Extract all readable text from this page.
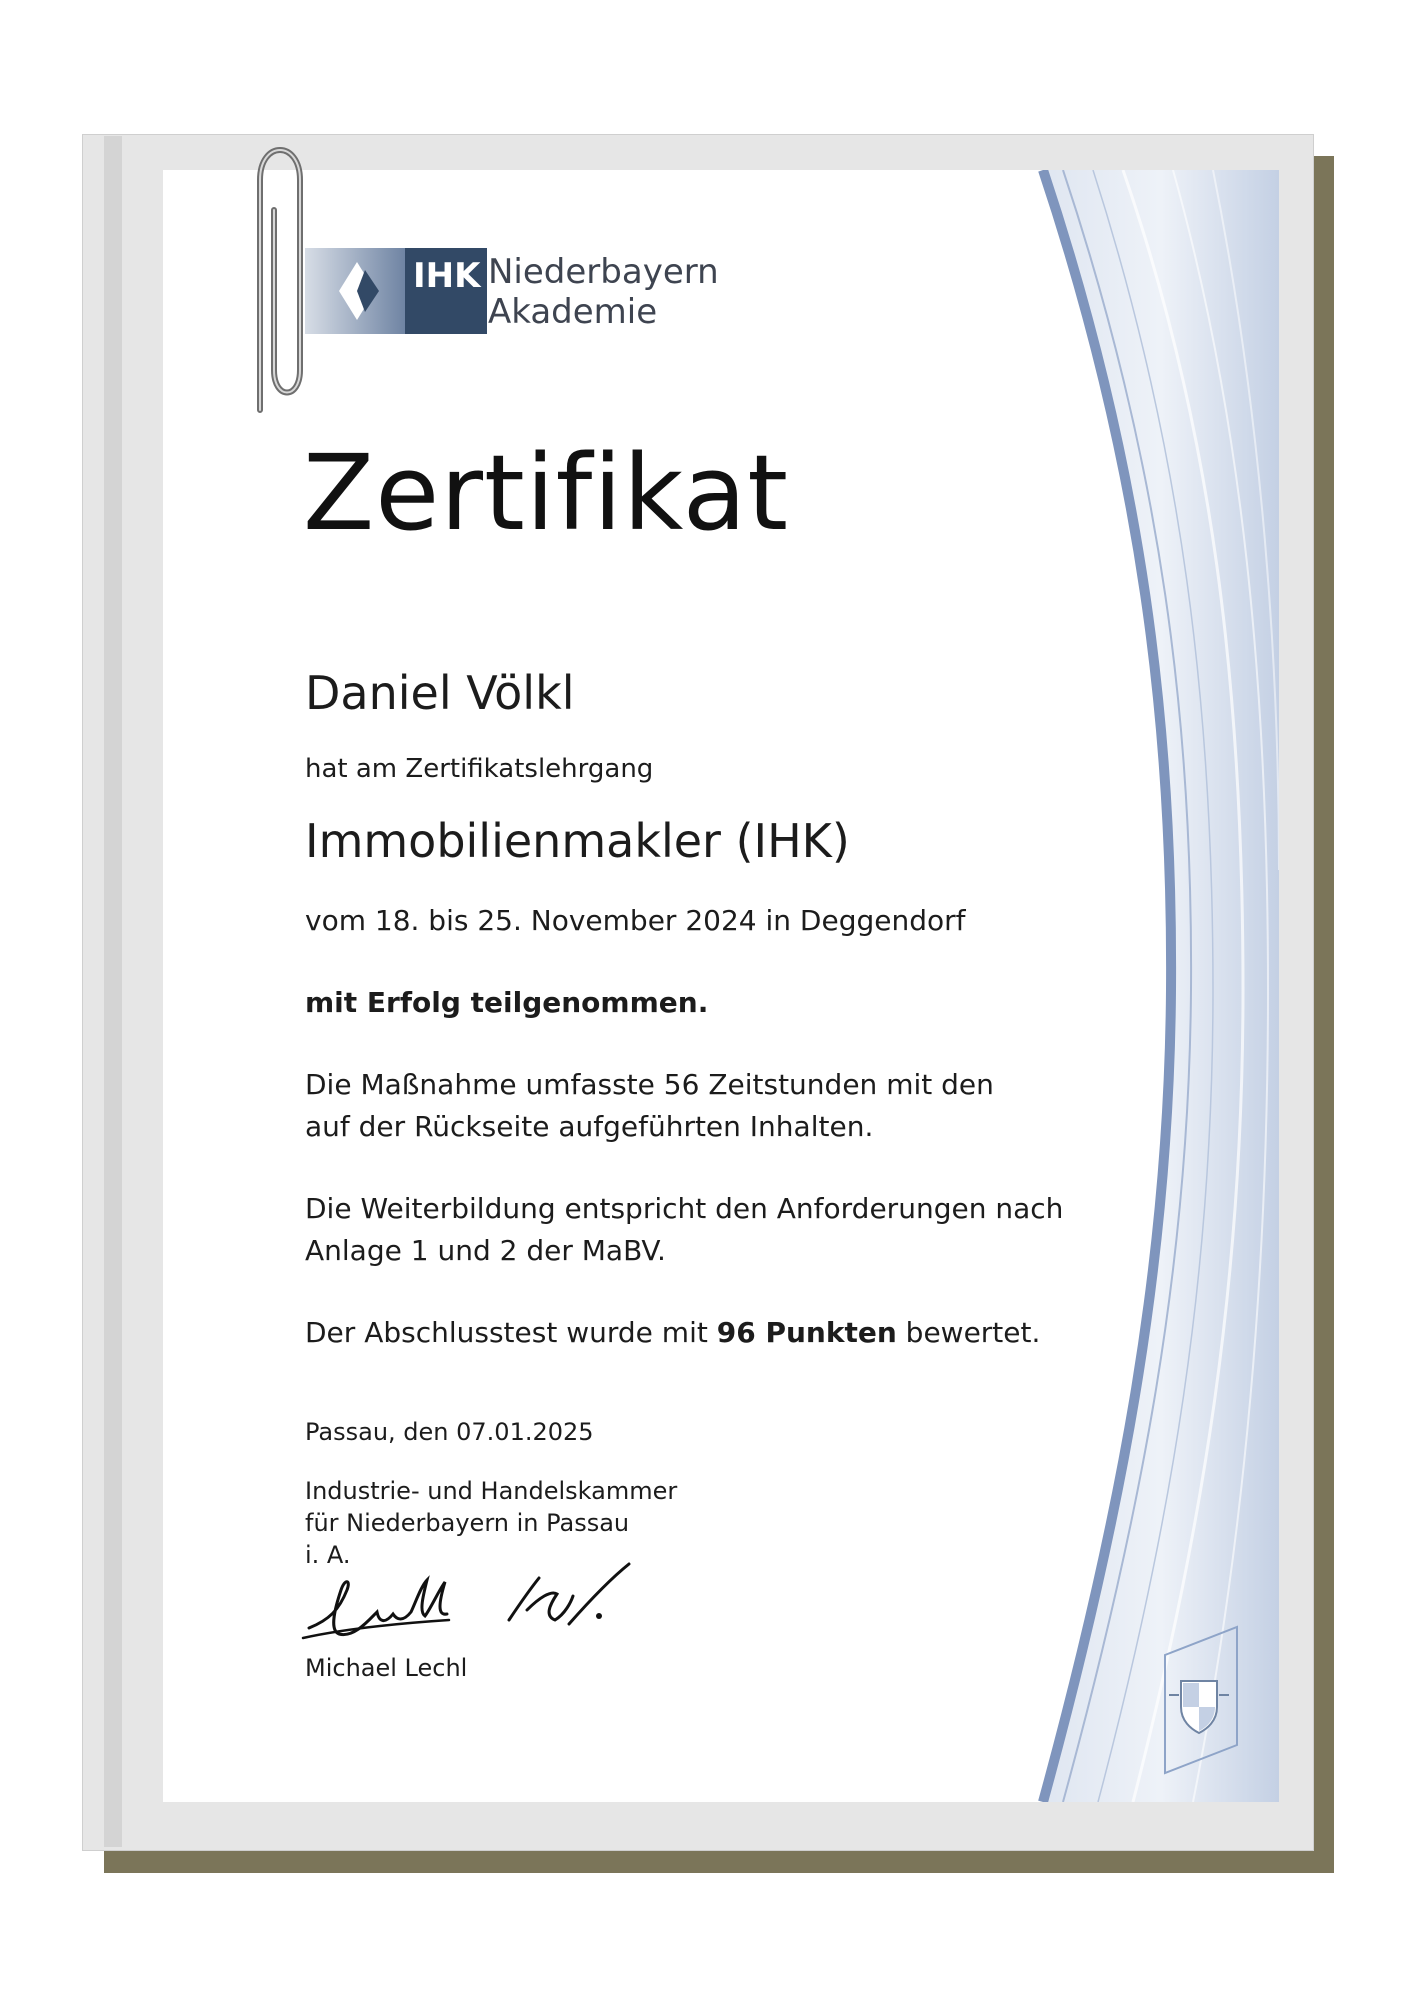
IHK Niederbayern
Akademie
Zertifikat
Daniel Völkl
hat am Zertifikatslehrgang
Immobilienmakler (IHK)
vom 18. bis 25. November 2024 in Deggendorf
mit Erfolg teilgenommen.
Die Maßnahme umfasste 56 Zeitstunden mit den
auf der Rückseite aufgeführten Inhalten.
Die Weiterbildung entspricht den Anforderungen nach
Anlage 1 und 2 der MaBV.
Der Abschlusstest wurde mit 96 Punkten bewertet.
Passau, den 07.01.2025
Industrie- und Handelskammer
für Niederbayern in Passau
i. A.
Michael Lechl
